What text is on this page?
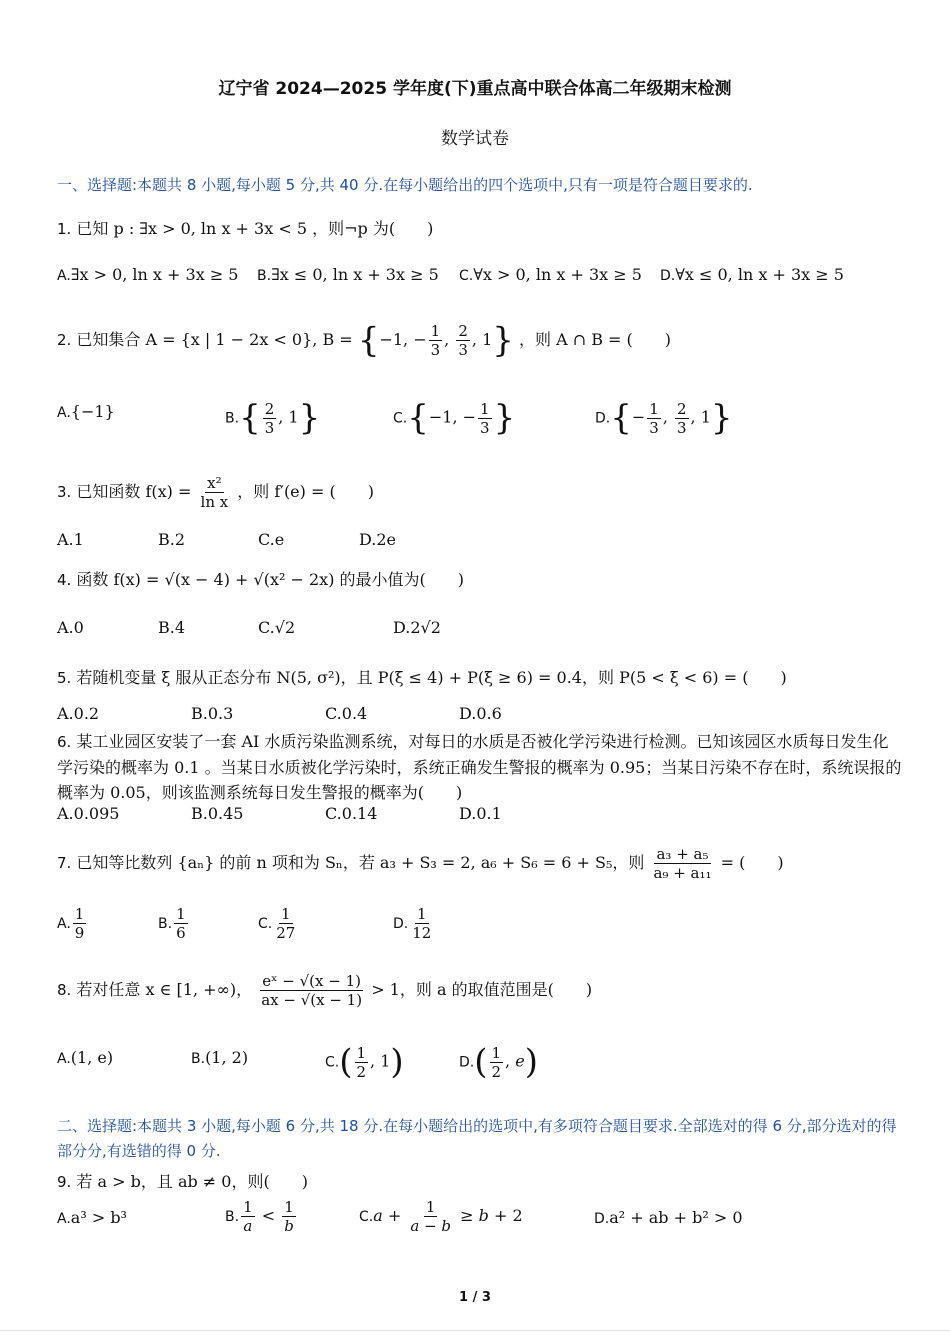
辽宁省 2024—2025 学年度(下)重点高中联合体高二年级期末检测
数学试卷
一、选择题:本题共 8 小题,每小题 5 分,共 40 分.在每小题给出的四个选项中,只有一项是符合题目要求的.
1. 已知 p : ∃x > 0, ln x + 3x < 5 ，则¬p 为(　　)
A.∃x > 0, ln x + 3x ≥ 5 B.∃x ≤ 0, ln x + 3x ≥ 5 C.∀x > 0, ln x + 3x ≥ 5 D.∀x ≤ 0, ln x + 3x ≥ 5
2. 已知集合 A = {x | 1 − 2x < 0}, B = {−1, − $\frac{1}{3}$ , $\frac{2}{3}$ , 1} ，则 A ∩ B = (　　)
A.{−1}	$B.\{ \frac{2}{3}$ , 1}	C.{−1, − $\frac{1}{3}$ }	$D.\{- \frac{1}{3}$ , $\frac{2}{3}$ , 1}
3. 已知函数 $f(x) = \frac{\text{x²}}{\text{ln x}}$ ，则 f′(e) = (　　)
A.1	B.2	C.e	D.2e
4. 函数 f(x) = √(x − 4) + √(x² − 2x) 的最小值为(　　)
A.0	B.4	C.√2	D.2√2
5. 若随机变量 ξ 服从正态分布 N(5, σ²)，且 P(ξ ≤ 4) + P(ξ ≥ 6) = 0.4，则 P(5 < ξ < 6) = (　　)
A.0.2	B.0.3	C.0.4	D.0.6
6. 某工业园区安装了一套 AI 水质污染监测系统，对每日的水质是否被化学污染进行检测。已知该园区水质每日发生化学污染的概率为 0.1 。当某日水质被化学污染时，系统正确发生警报的概率为 0.95；当某日污染不存在时，系统误报的概率为 0.05，则该监测系统每日发生警报的概率为(　　)
A.0.095	B.0.45	C.0.14	D.0.1
7. 已知等比数列 {aₙ} 的前 n 项和为 Sₙ，若 a₃ + S₃ = 2, a₆ + S₆ = 6 + S₅，则 $\frac{\text{a₃ + a₅}}{\text{a₉ + a₁₁}}$ = (　　)
A. $\frac{1}{9}$	B. $\frac{1}{6}$	C. $\frac{1}{27}$	D. $\frac{1}{12}$
8. 若对任意 x ∈ [1, +∞)， $\frac{\text{eˣ − √(x − 1)}}{ax - √(x - 1)} > 1$，则 a 的取值范围是(　　)
A.(1, e)	B.(1, 2)	$C.( \frac{1}{2}$ , 1)	$D.( \frac{1}{2}$ , e)
二、选择题:本题共 3 小题,每小题 6 分,共 18 分.在每小题给出的选项中,有多项符合题目要求.全部选对的得 6 分,部分选对的得部分分,有选错的得 0 分.
9. 若 a > b，且 ab ≠ 0，则(　　)
A.a³ > b³	B. $\frac{1}{a} < \frac{1}{b}$	$C.a + \frac{1}{a - b} \ge b + 2$	D.a² + ab + b² > 0
1 / 3
